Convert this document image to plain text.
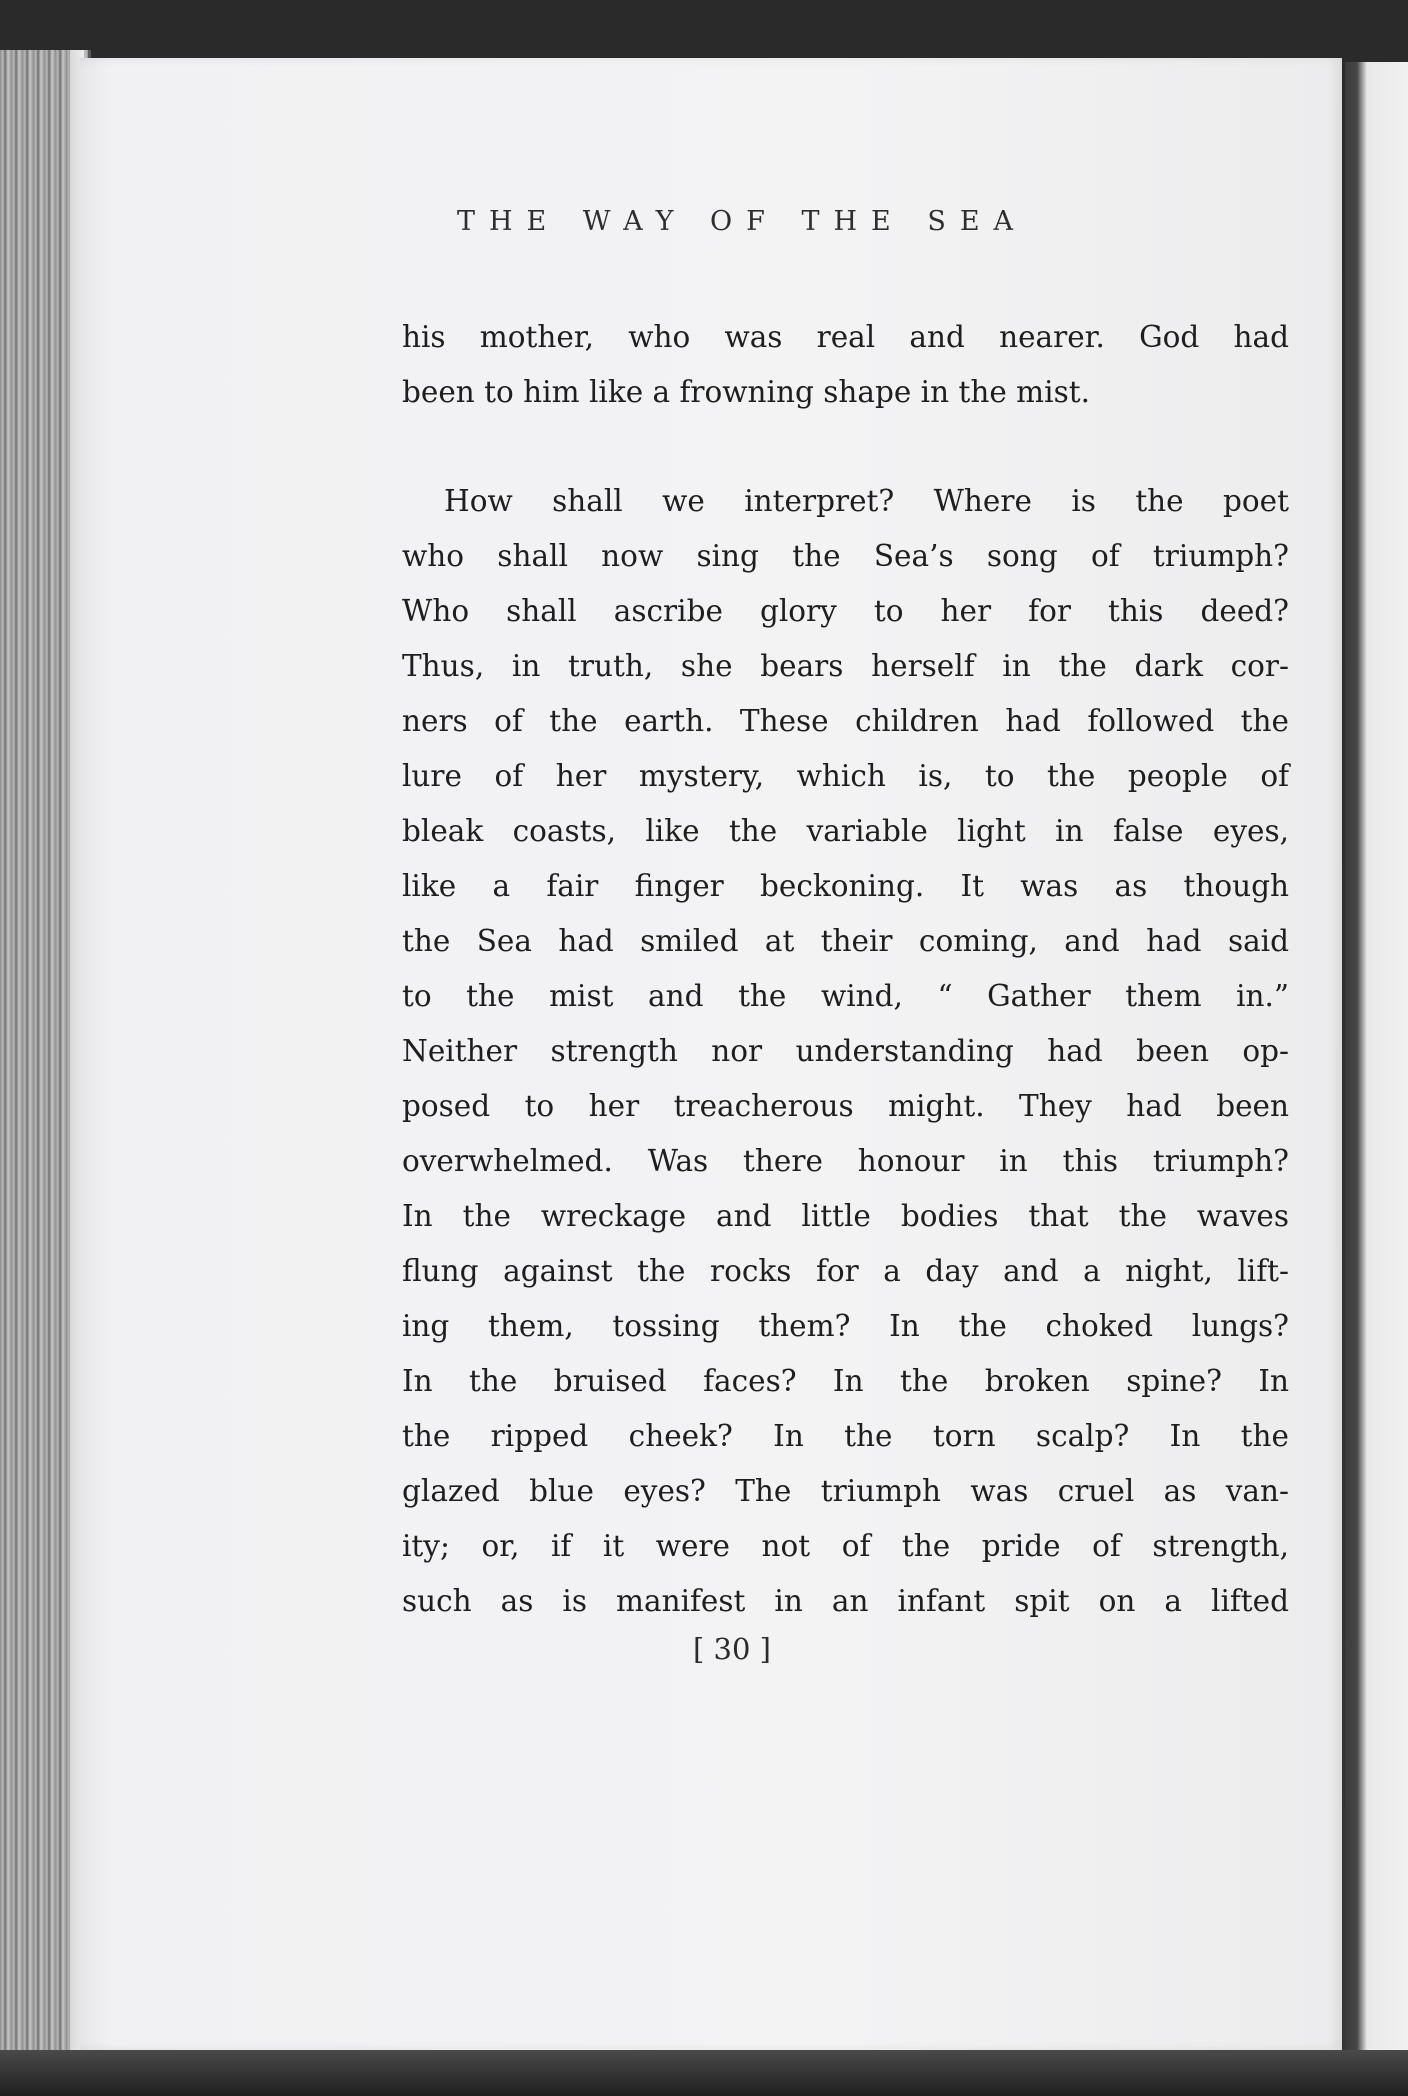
THE WAY OF THE SEA
his mother, who was real and nearer. God had
been to him like a frowning shape in the mist.
How shall we interpret? Where is the poet
who shall now sing the Sea’s song of triumph?
Who shall ascribe glory to her for this deed?
Thus, in truth, she bears herself in the dark cor-
ners of the earth. These children had followed the
lure of her mystery, which is, to the people of
bleak coasts, like the variable light in false eyes,
like a fair finger beckoning. It was as though
the Sea had smiled at their coming, and had said
to the mist and the wind, “ Gather them in.”
Neither strength nor understanding had been op-
posed to her treacherous might. They had been
overwhelmed. Was there honour in this triumph?
In the wreckage and little bodies that the waves
flung against the rocks for a day and a night, lift-
ing them, tossing them? In the choked lungs?
In the bruised faces? In the broken spine? In
the ripped cheek? In the torn scalp? In the
glazed blue eyes? The triumph was cruel as van-
ity; or, if it were not of the pride of strength,
such as is manifest in an infant spit on a lifted
[ 30 ]
